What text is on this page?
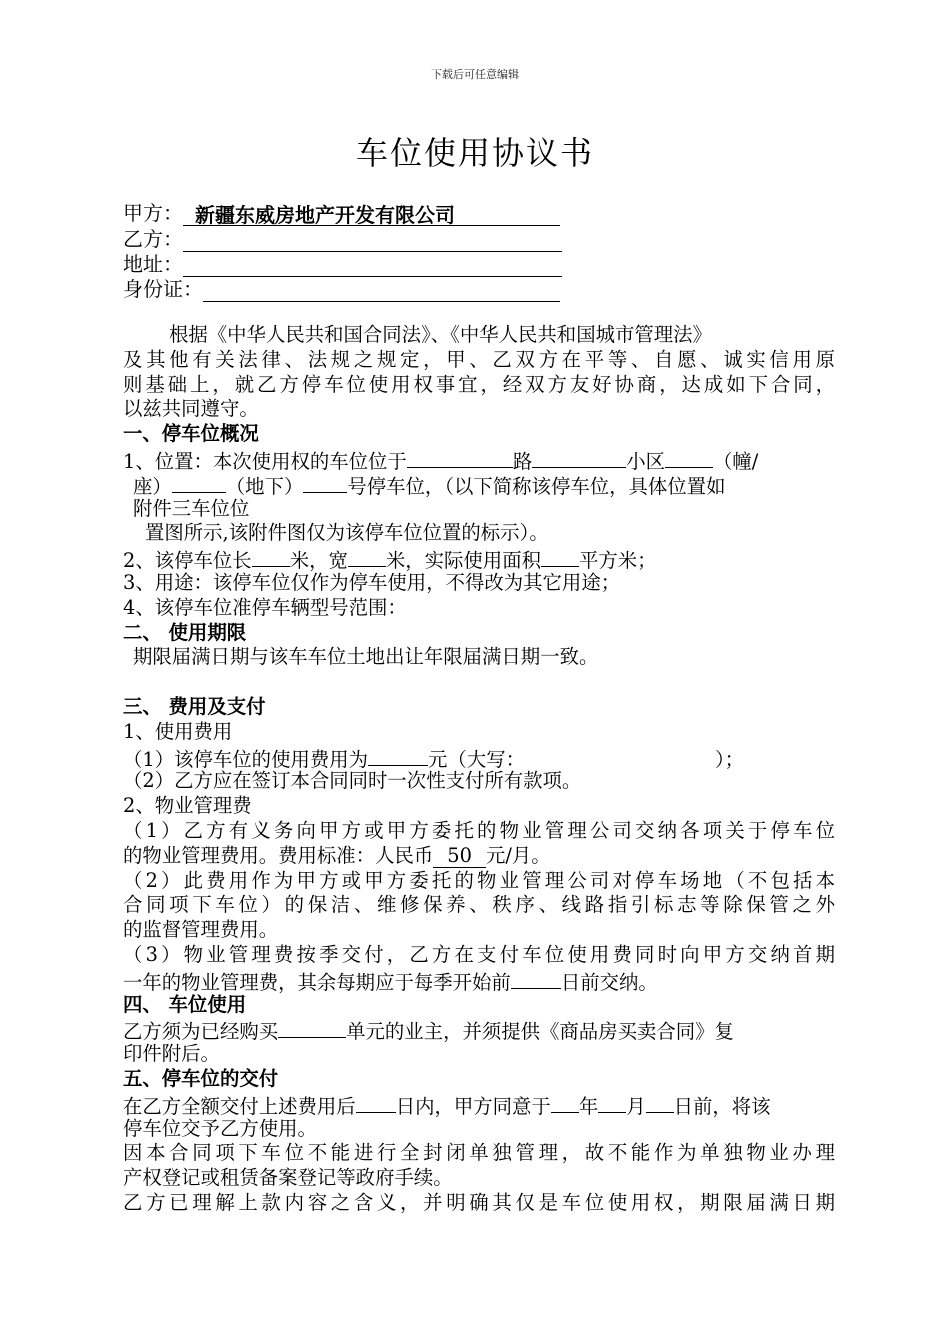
下载后可任意编辑
车位使用协议书
甲方： 新疆东威房地产开发有限公司
乙方：
地址：
身份证：
根据《中华人民共和国合同法》、《中华人民共和国城市管理法》
及其他有关法律、法规之规定，甲、乙双方在平等、自愿、诚实信用原
则基础上，就乙方停车位使用权事宜，经双方友好协商，达成如下合同，
以兹共同遵守。
一、停车位概况
1、位置：本次使用权的车位位于	路	小区 （幢/
座）	（地下） 号停车位，（以下简称该停车位，具体位置如
附件三车位位
置图所示,该附件图仅为该停车位位置的标示）。
2、该停车位长 米，宽 米，实际使用面积 平方米；
3、用途：该停车位仅作为停车使用，不得改为其它用途；
4、该停车位准停车辆型号范围：
二、 使用期限
期限届满日期与该车车位土地出让年限届满日期一致。
三、 费用及支付
1、使用费用
（1）该停车位的使用费用为	元（大写：	）；
（2）乙方应在签订本合同同时一次性支付所有款项。
2、物业管理费
（1）乙方有义务向甲方或甲方委托的物业管理公司交纳各项关于停车位
的物业管理费用。费用标准：人民币 50 元/月。
（2）此费用作为甲方或甲方委托的物业管理公司对停车场地（不包括本
合同项下车位）的保洁、维修保养、秩序、线路指引标志等除保管之外
的监督管理费用。
（3）物业管理费按季交付，乙方在支付车位使用费同时向甲方交纳首期
一年的物业管理费，其余每期应于每季开始前	日前交纳。
四、 车位使用
乙方须为已经购买	单元的业主，并须提供《商品房买卖合同》复
印件附后。
五、停车位的交付
在乙方全额交付上述费用后 日内，甲方同意于 年 月 日前，将该
停车位交予乙方使用。
因本合同项下车位不能进行全封闭单独管理，故不能作为单独物业办理
产权登记或租赁备案登记等政府手续。
乙方已理解上款内容之含义，并明确其仅是车位使用权，期限届满日期
